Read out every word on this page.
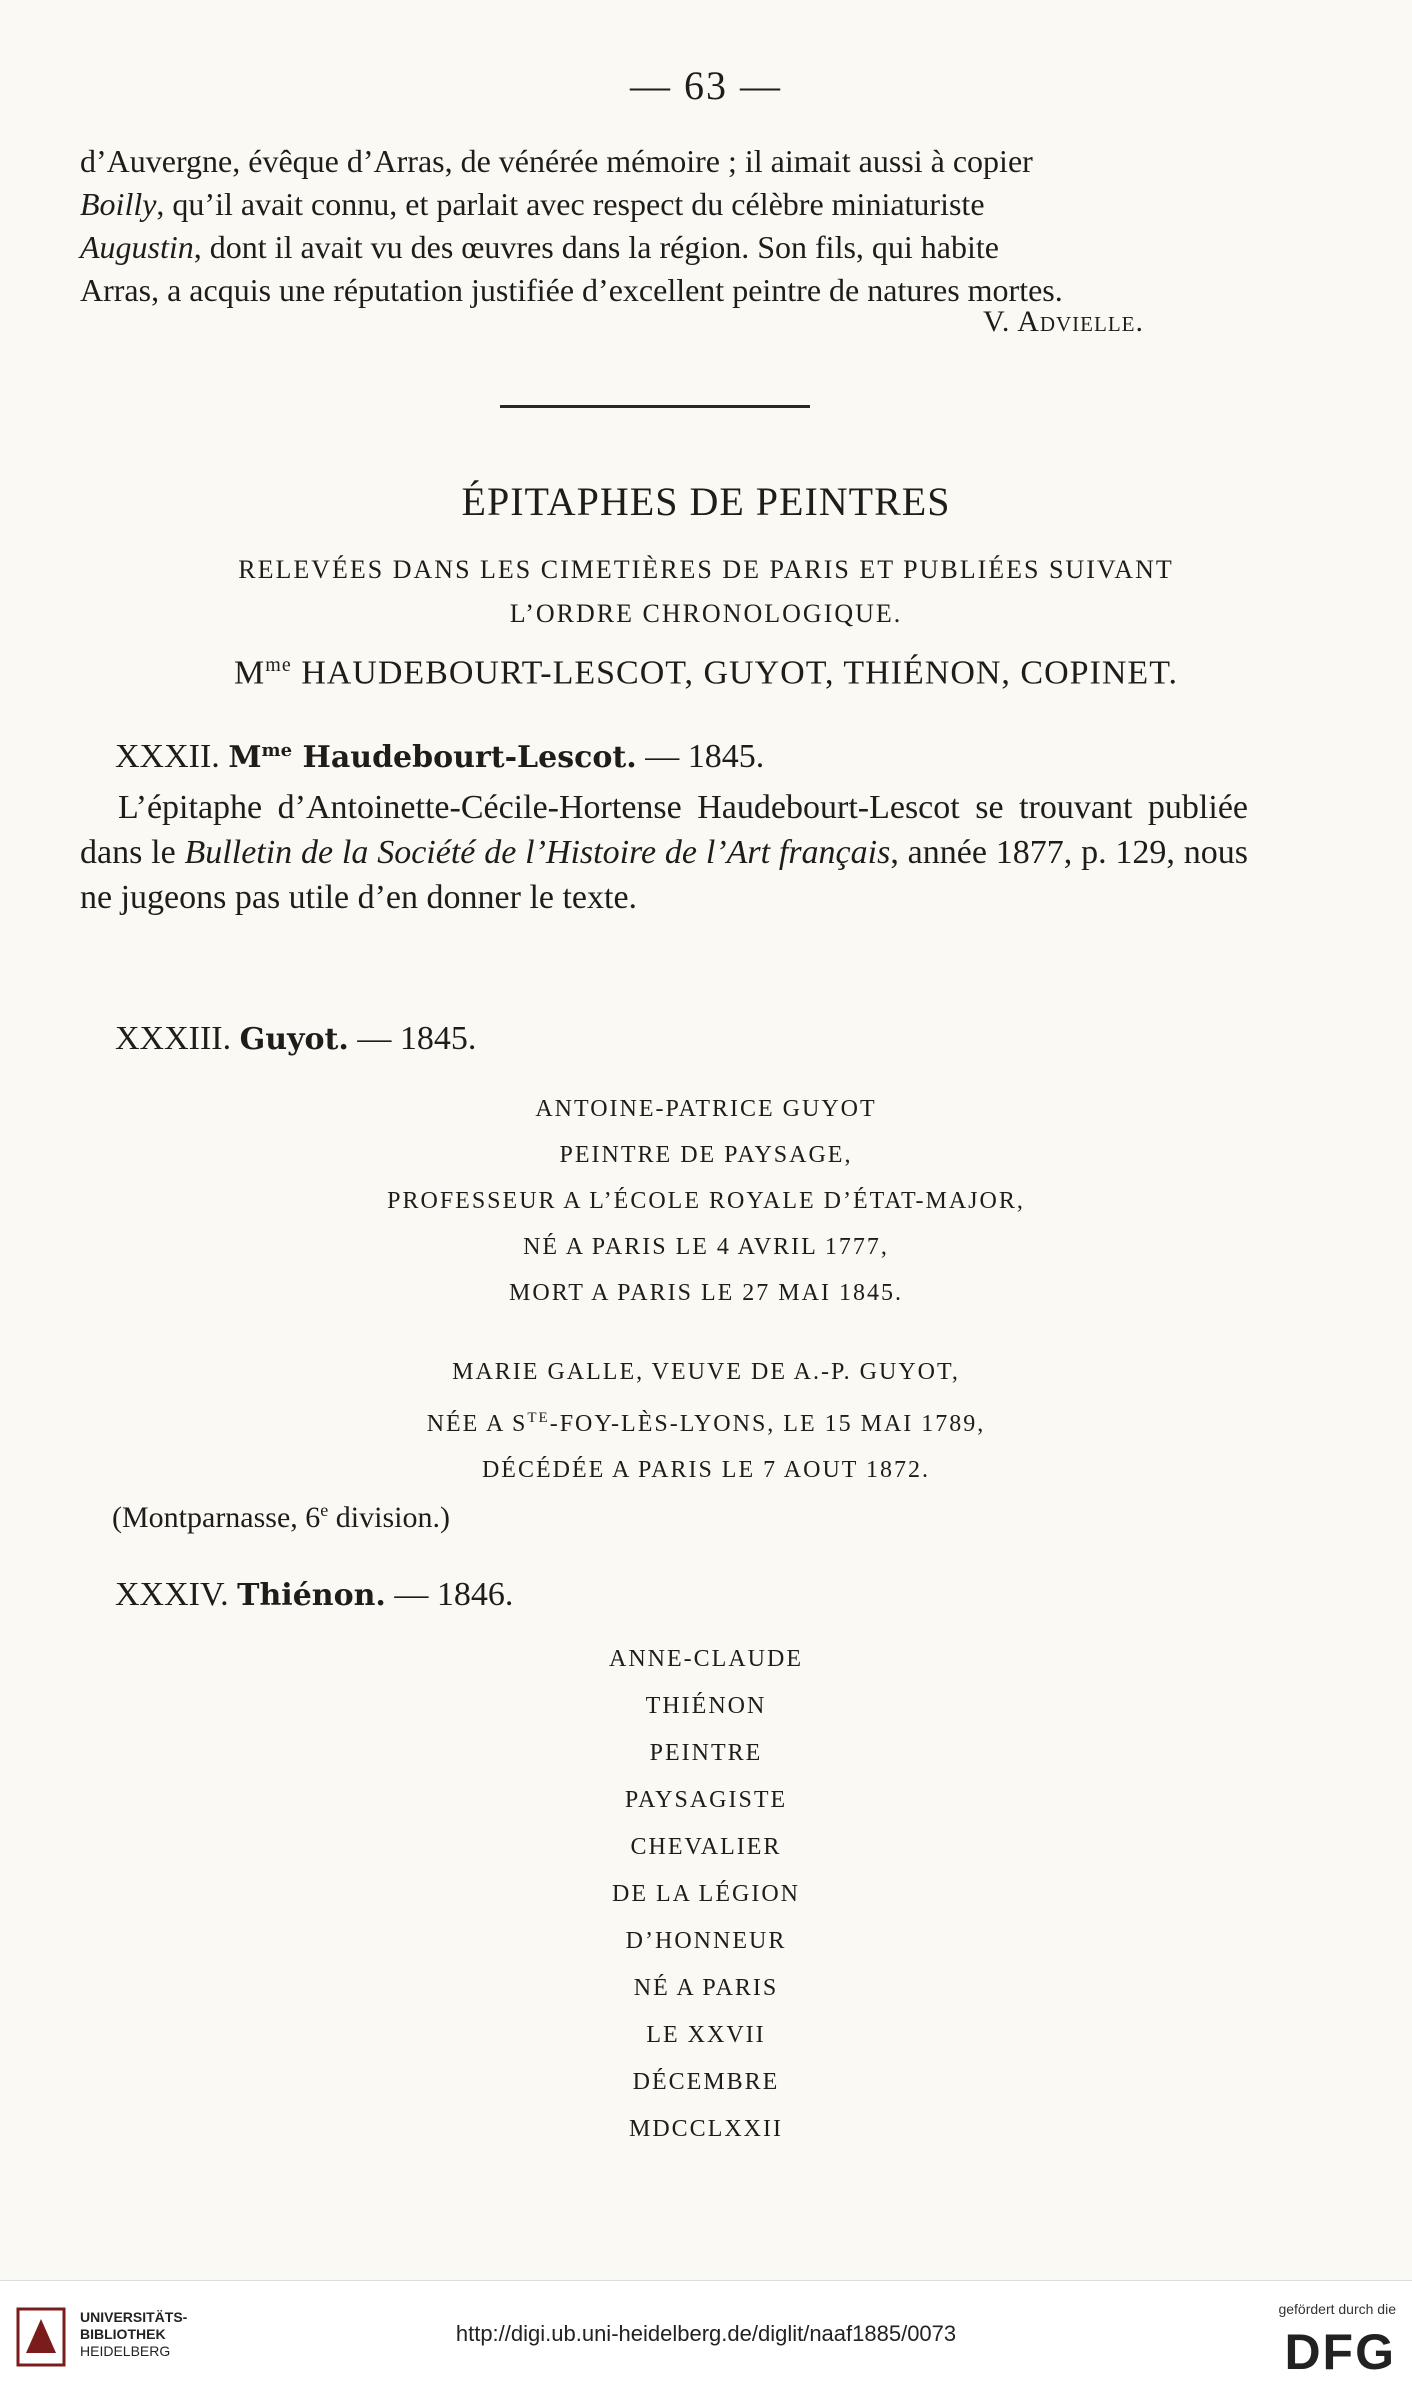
— 63 —

d’Auvergne, évêque d’Arras, de vénérée mémoire ; il aimait aussi à copier

Boilly, qu’il avait connu, et parlait avec respect du célèbre miniaturiste

Augustin, dont il avait vu des œuvres dans la région. Son fils, qui habite

Arras, a acquis une réputation justifiée d’excellent peintre de natures mortes.

V. Advielle.
ÉPITAPHES DE PEINTRES
RELEVÉES DANS LES CIMETIÈRES DE PARIS ET PUBLIÉES SUIVANT
L’ORDRE CHRONOLOGIQUE.
$M^{me}$ HAUDEBOURT-LESCOT, GUYOT, THIÉNON, COPINET.
XXXII. $M^{me}$ Haudebourt-Lescot. — 1845.

L’épitaphe d’Antoinette-Cécile-Hortense Haudebourt-Lescot se trouvant publiée dans le Bulletin de la Société de l’Histoire de l’Art français, année 1877, p. 129, nous ne jugeons pas utile d’en donner le texte.

XXXIII. Guyot. — 1845.
ANTOINE-PATRICE GUYOT
PEINTRE DE PAYSAGE,
PROFESSEUR A L’ÉCOLE ROYALE D’ÉTAT-MAJOR,
NÉ A PARIS LE 4 AVRIL 1777,
MORT A PARIS LE 27 MAI 1845.
MARIE GALLE, VEUVE DE A.-P. GUYOT,
NÉE A $S^{TE}-FOY-LÈS$-LYONS, LE 15 MAI 1789,
DÉCÉDÉE A PARIS LE 7 AOUT 1872.
(Montparnasse, 6e division.)
XXXIV. Thiénon. — 1846.
ANNE-CLAUDE
THIÉNON
PEINTRE
PAYSAGISTE
CHEVALIER
DE LA LÉGION
D’HONNEUR
NÉ A PARIS
LE XXVII
DÉCEMBRE
MDCCLXXII
UNIVERSITÄTS-
BIBLIOTHEK
HEIDELBERG
http://digi.ub.uni-heidelberg.de/diglit/naaf1885/0073
gefördert durch die
DFG
